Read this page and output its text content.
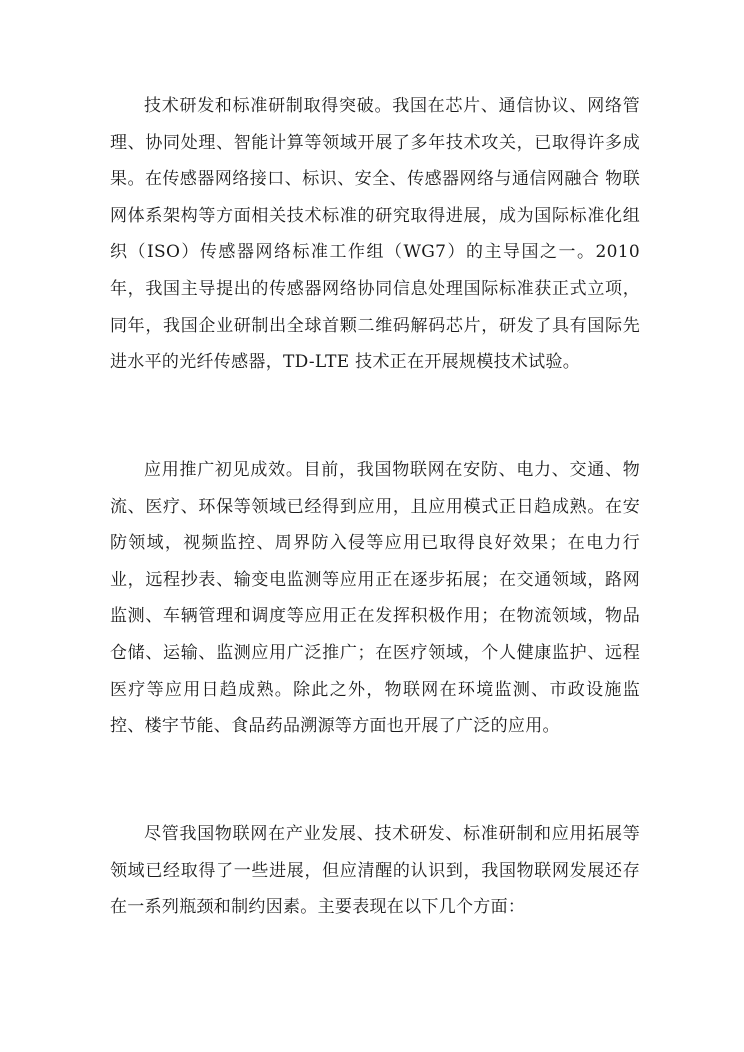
技术研发和标准研制取得突破。我国在芯片、通信协议、网络管理、协同处理、智能计算等领域开展了多年技术攻关，已取得许多成果。在传感器网络接口、标识、安全、传感器网络与通信网融合 物联网体系架构等方面相关技术标准的研究取得进展，成为国际标准化组织（ISO）传感器网络标准工作组（WG7）的主导国之一。2010 年，我国主导提出的传感器网络协同信息处理国际标准获正式立项，同年，我国企业研制出全球首颗二维码解码芯片，研发了具有国际先进水平的光纤传感器，TD-LTE 技术正在开展规模技术试验。

应用推广初见成效。目前，我国物联网在安防、电力、交通、物流、医疗、环保等领域已经得到应用，且应用模式正日趋成熟。在安防领域，视频监控、周界防入侵等应用已取得良好效果；在电力行业，远程抄表、输变电监测等应用正在逐步拓展；在交通领域，路网监测、车辆管理和调度等应用正在发挥积极作用；在物流领域，物品仓储、运输、监测应用广泛推广；在医疗领域，个人健康监护、远程医疗等应用日趋成熟。除此之外，物联网在环境监测、市政设施监控、楼宇节能、食品药品溯源等方面也开展了广泛的应用。

尽管我国物联网在产业发展、技术研发、标准研制和应用拓展等领域已经取得了一些进展，但应清醒的认识到，我国物联网发展还存在一系列瓶颈和制约因素。主要表现在以下几个方面：
